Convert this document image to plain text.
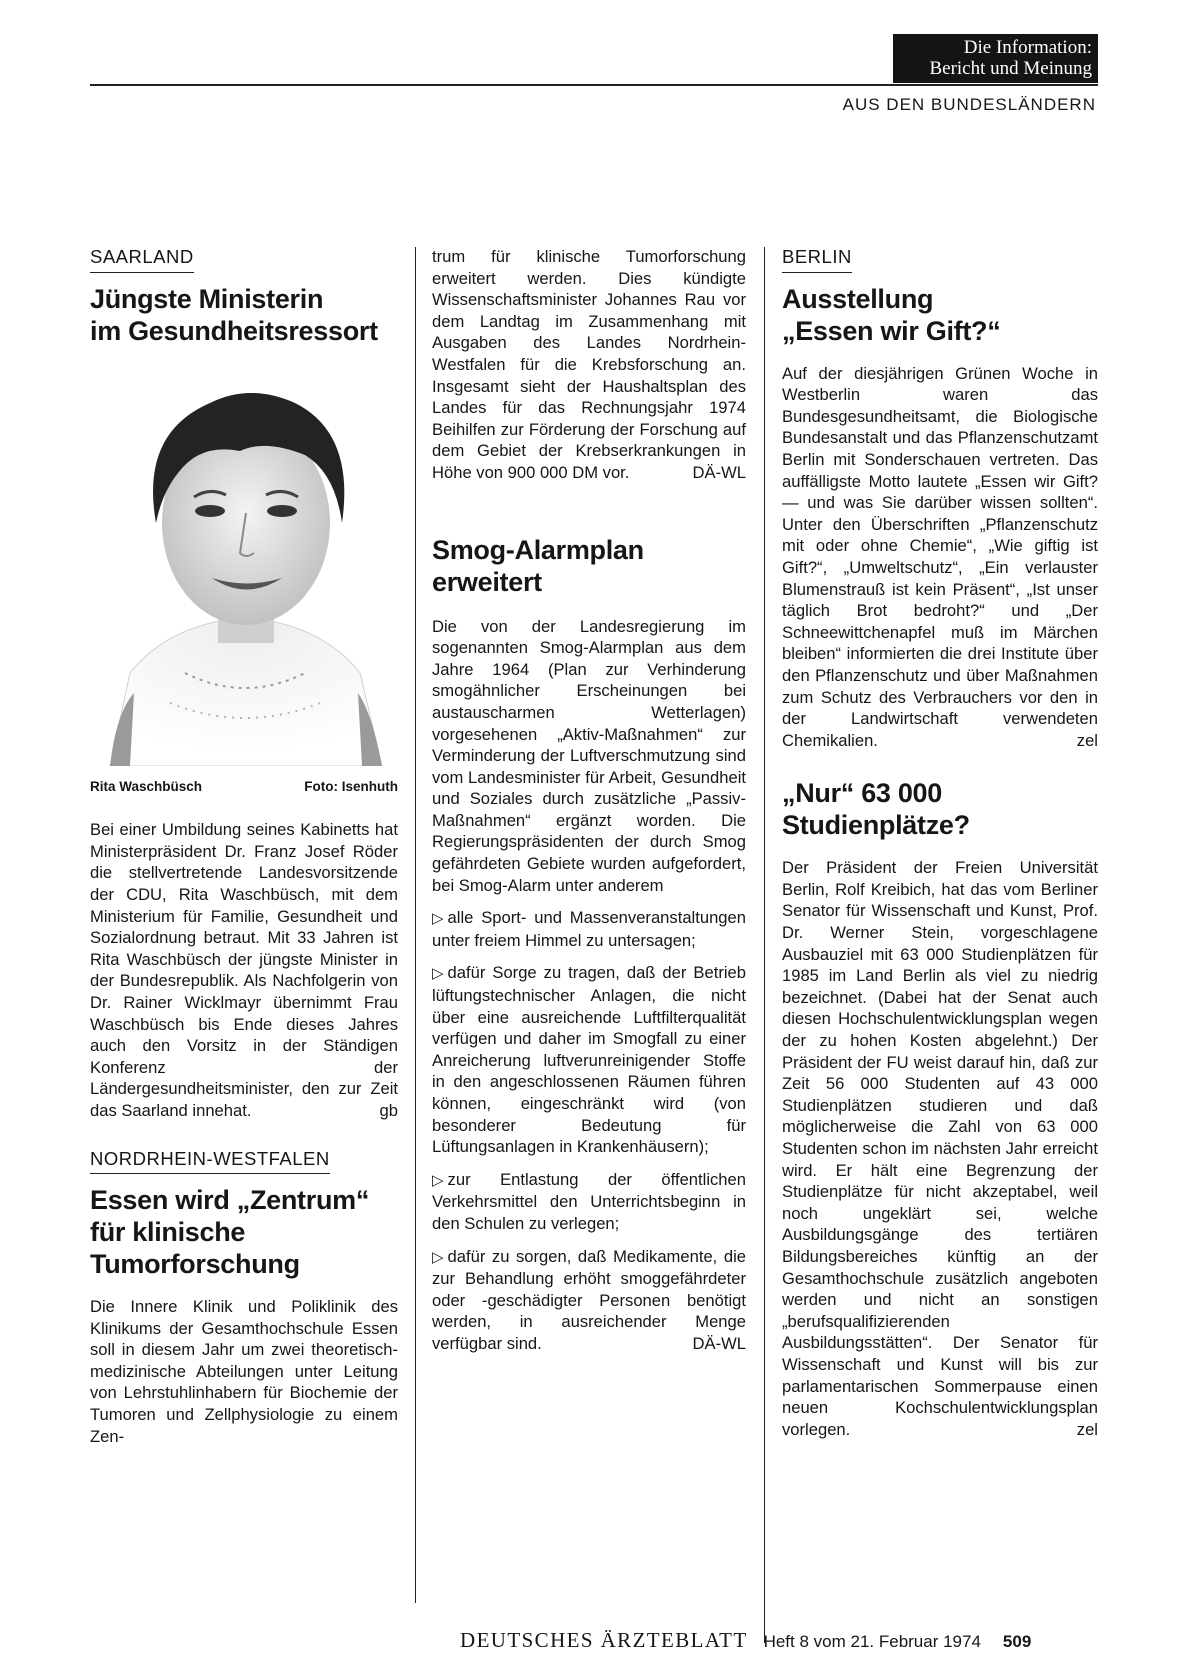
Die Information:
Bericht und Meinung
AUS DEN BUNDESLÄNDERN
SAARLAND
Jüngste Ministerin
im Gesundheitsressort
Rita Waschbüsch	Foto: Isenhuth

Bei einer Umbildung seines Kabinetts hat Ministerpräsident Dr. Franz Josef Röder die stellvertretende Landesvorsitzende der CDU, Rita Waschbüsch, mit dem Ministerium für Familie, Gesundheit und Sozialordnung betraut. Mit 33 Jahren ist Rita Waschbüsch der jüngste Minister in der Bundesrepublik. Als Nachfolgerin von Dr. Rainer Wicklmayr übernimmt Frau Waschbüsch bis Ende dieses Jahres auch den Vorsitz in der Ständigen Konferenz der Ländergesundheitsminister, den zur Zeit das Saarland innehat.	gb

NORDRHEIN-WESTFALEN
Essen wird „Zentrum“
für klinische
Tumorforschung

Die Innere Klinik und Poliklinik des Klinikums der Gesamthochschule Essen soll in diesem Jahr um zwei theoretisch-medizinische Abteilungen unter Leitung von Lehrstuhlinhabern für Biochemie der Tumoren und Zellphysiologie zu einem Zen-

trum für klinische Tumorforschung erweitert werden. Dies kündigte Wissenschaftsminister Johannes Rau vor dem Landtag im Zusammenhang mit Ausgaben des Landes Nordrhein-Westfalen für die Krebsforschung an. Insgesamt sieht der Haushaltsplan des Landes für das Rechnungsjahr 1974 Beihilfen zur Förderung der Forschung auf dem Gebiet der Krebserkrankungen in Höhe von 900 000 DM vor.	DÄ-WL

Smog-Alarmplan
erweitert

Die von der Landesregierung im sogenannten Smog-Alarmplan aus dem Jahre 1964 (Plan zur Verhinderung smogähnlicher Erscheinungen bei austauscharmen Wetterlagen) vorgesehenen „Aktiv-Maßnahmen“ zur Verminderung der Luftverschmutzung sind vom Landesminister für Arbeit, Gesundheit und Soziales durch zusätzliche „Passiv-Maßnahmen“ ergänzt worden. Die Regierungspräsidenten der durch Smog gefährdeten Gebiete wurden aufgefordert, bei Smog-Alarm unter anderem

▷ alle Sport- und Massenveranstaltungen unter freiem Himmel zu untersagen;

▷ dafür Sorge zu tragen, daß der Betrieb lüftungstechnischer Anlagen, die nicht über eine ausreichende Luftfilterqualität verfügen und daher im Smogfall zu einer Anreicherung luftverunreinigender Stoffe in den angeschlossenen Räumen führen können, eingeschränkt wird (von besonderer Bedeutung für Lüftungsanlagen in Krankenhäusern);

▷ zur Entlastung der öffentlichen Verkehrsmittel den Unterrichtsbeginn in den Schulen zu verlegen;

▷ dafür zu sorgen, daß Medikamente, die zur Behandlung erhöht smoggefährdeter oder -geschädigter Personen benötigt werden, in ausreichender Menge verfügbar sind.	DÄ-WL

BERLIN
Ausstellung
„Essen wir Gift?“

Auf der diesjährigen Grünen Woche in Westberlin waren das Bundesgesundheitsamt, die Biologische Bundesanstalt und das Pflanzenschutzamt Berlin mit Sonderschauen vertreten. Das auffälligste Motto lautete „Essen wir Gift? — und was Sie darüber wissen sollten“. Unter den Überschriften „Pflanzenschutz mit oder ohne Chemie“, „Wie giftig ist Gift?“, „Umweltschutz“, „Ein verlauster Blumenstrauß ist kein Präsent“, „Ist unser täglich Brot bedroht?“ und „Der Schneewittchenapfel muß im Märchen bleiben“ informierten die drei Institute über den Pflanzenschutz und über Maßnahmen zum Schutz des Verbrauchers vor den in der Landwirtschaft verwendeten Chemikalien.	zel

„Nur“ 63 000
Studienplätze?

Der Präsident der Freien Universität Berlin, Rolf Kreibich, hat das vom Berliner Senator für Wissenschaft und Kunst, Prof. Dr. Werner Stein, vorgeschlagene Ausbauziel mit 63 000 Studienplätzen für 1985 im Land Berlin als viel zu niedrig bezeichnet. (Dabei hat der Senat auch diesen Hochschulentwicklungsplan wegen der zu hohen Kosten abgelehnt.) Der Präsident der FU weist darauf hin, daß zur Zeit 56 000 Studenten auf 43 000 Studienplätzen studieren und daß möglicherweise die Zahl von 63 000 Studenten schon im nächsten Jahr erreicht wird. Er hält eine Begrenzung der Studienplätze für nicht akzeptabel, weil noch ungeklärt sei, welche Ausbildungsgänge des tertiären Bildungsbereiches künftig an der Gesamthochschule zusätzlich angeboten werden und nicht an sonstigen „berufsqualifizierenden Ausbildungsstätten“. Der Senator für Wissenschaft und Kunst will bis zur parlamentarischen Sommerpause einen neuen Kochschulentwicklungsplan vorlegen.	zel

DEUTSCHES ÄRZTEBLATT Heft 8 vom 21. Februar 1974 509
